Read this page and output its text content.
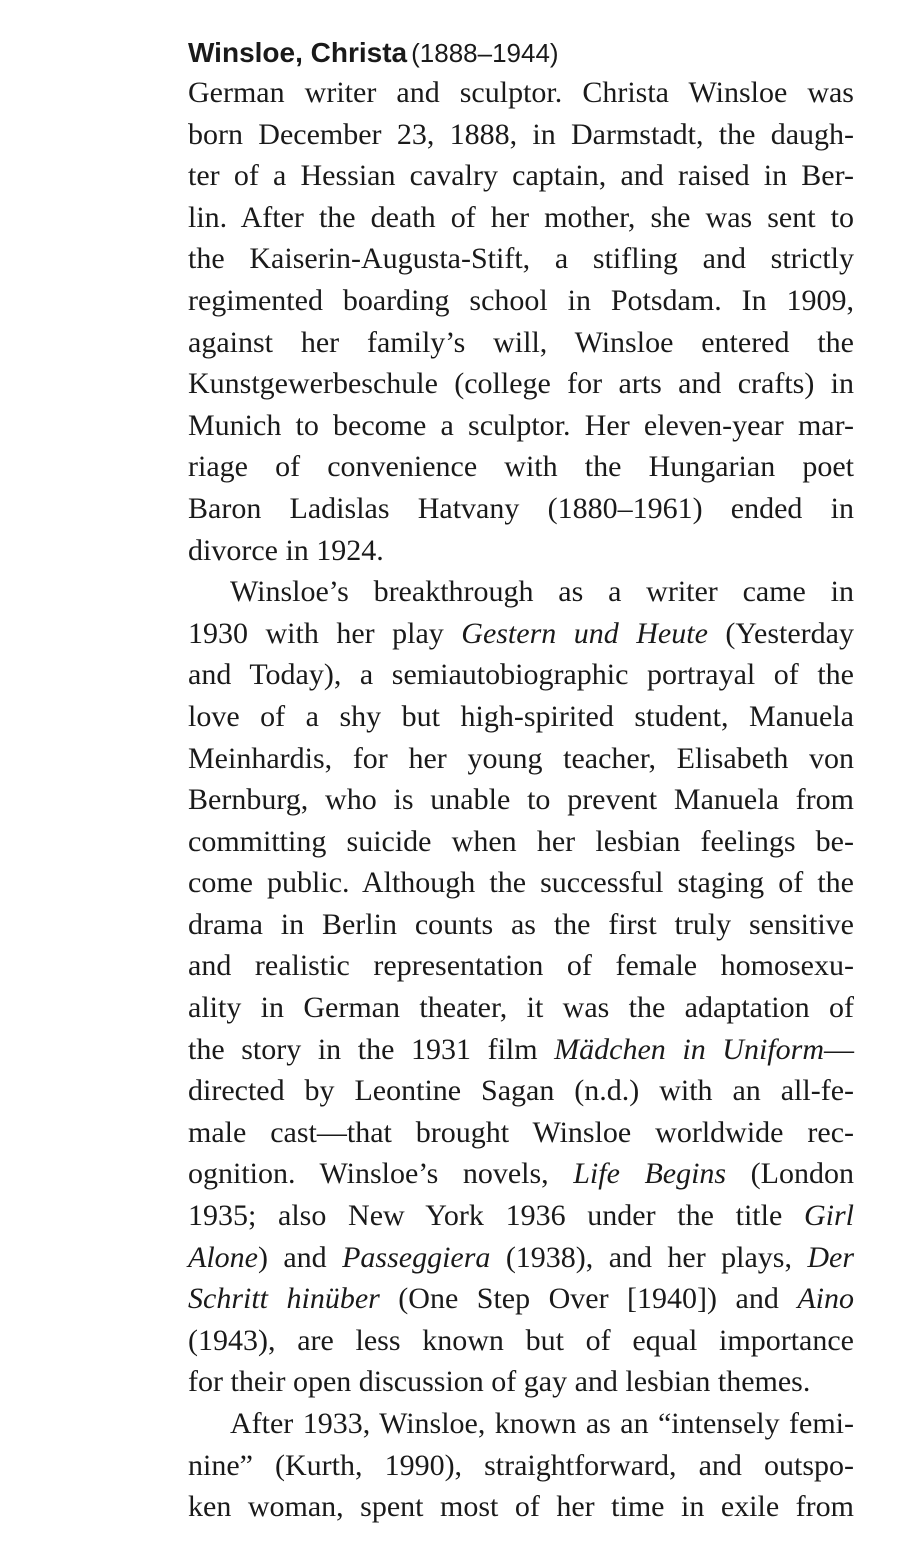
Winsloe, Christa (1888–1944)

German writer and sculptor. Christa Winsloe was
born December 23, 1888, in Darmstadt, the daugh-
ter of a Hessian cavalry captain, and raised in Ber-
lin. After the death of her mother, she was sent to
the Kaiserin-Augusta-Stift, a stifling and strictly
regimented boarding school in Potsdam. In 1909,
against her family’s will, Winsloe entered the
Kunstgewerbeschule (college for arts and crafts) in
Munich to become a sculptor. Her eleven-year mar-
riage of convenience with the Hungarian poet
Baron Ladislas Hatvany (1880–1961) ended in
divorce in 1924.

Winsloe’s breakthrough as a writer came in
1930 with her play Gestern und Heute (Yesterday
and Today), a semiautobiographic portrayal of the
love of a shy but high-spirited student, Manuela
Meinhardis, for her young teacher, Elisabeth von
Bernburg, who is unable to prevent Manuela from
committing suicide when her lesbian feelings be-
come public. Although the successful staging of the
drama in Berlin counts as the first truly sensitive
and realistic representation of female homosexu-
ality in German theater, it was the adaptation of
the story in the 1931 film Mädchen in Uniform—
directed by Leontine Sagan (n.d.) with an all-fe-
male cast—that brought Winsloe worldwide rec-
ognition. Winsloe’s novels, Life Begins (London
1935; also New York 1936 under the title Girl
Alone) and Passeggiera (1938), and her plays, Der
Schritt hinüber (One Step Over [1940]) and Aino
(1943), are less known but of equal importance
for their open discussion of gay and lesbian themes.

After 1933, Winsloe, known as an “intensely femi-
nine” (Kurth, 1990), straightforward, and outspo-
ken woman, spent most of her time in exile from
